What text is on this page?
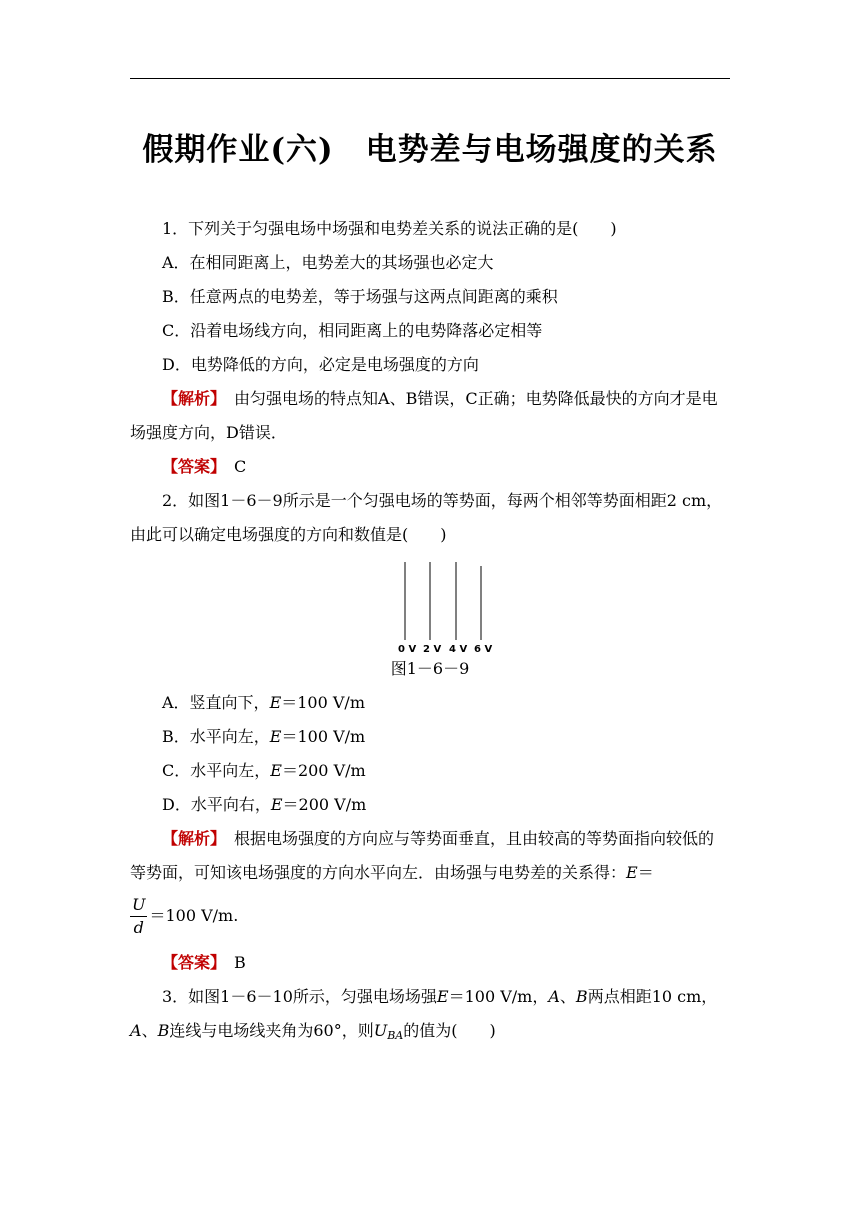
假期作业(六)　电势差与电场强度的关系

1．下列关于匀强电场中场强和电势差关系的说法正确的是(　　)

A．在相同距离上，电势差大的其场强也必定大

B．任意两点的电势差，等于场强与这两点间距离的乘积

C．沿着电场线方向，相同距离上的电势降落必定相等

D．电势降低的方向，必定是电场强度的方向

【解析】　由匀强电场的特点知A、B错误，C正确；电势降低最快的方向才是电场强度方向，D错误．

【答案】　C

2．如图1－6－9所示是一个匀强电场的等势面，每两个相邻等势面相距2 cm，由此可以确定电场强度的方向和数值是(　　)

0 V 2 V 4 V 6 V
图1－6－9

A．竖直向下，E＝100 V/m

B．水平向左，E＝100 V/m

C．水平向左，E＝200 V/m

D．水平向右，E＝200 V/m

【解析】　根据电场强度的方向应与等势面垂直，且由较高的等势面指向较低的等势面，可知该电场强度的方向水平向左．由场强与电势差的关系得：E＝

$\frac{U}{d} =100$ V/m.

【答案】　B

3．如图1－6－10所示，匀强电场场强E＝100 V/m，A、B两点相距10 cm，A、B连线与电场线夹角为60°，则$U_{BA}$的值为(　　)
